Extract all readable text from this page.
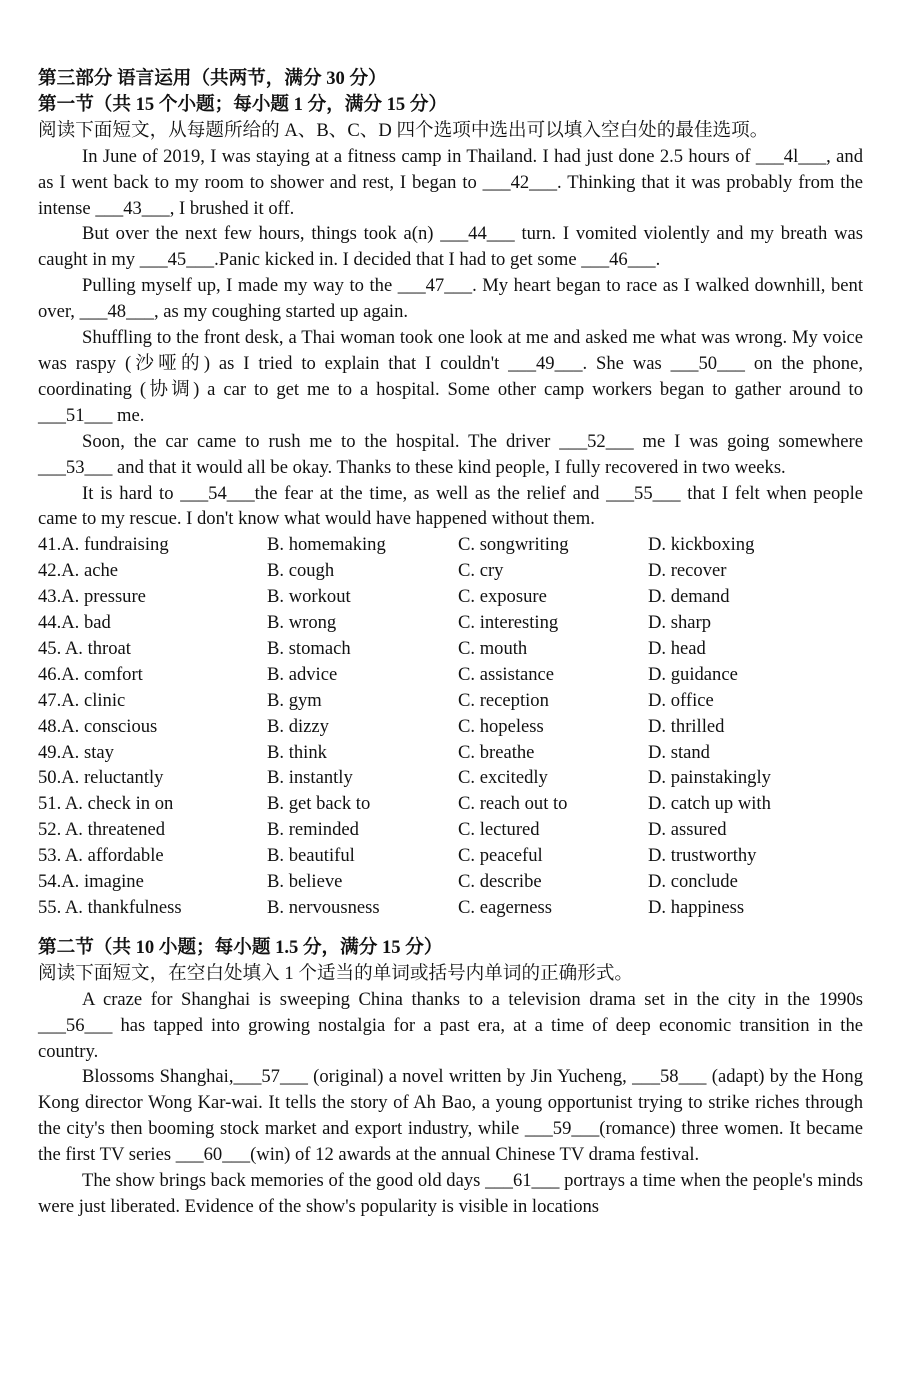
第三部分 语言运用（共两节，满分 30 分）
第一节（共 15 个小题；每小题 1 分，满分 15 分）
阅读下面短文，从每题所给的 A、B、C、D 四个选项中选出可以填入空白处的最佳选项。

In June of 2019, I was staying at a fitness camp in Thailand. I had just done 2.5 hours of ___4l___, and as I went back to my room to shower and rest, I began to ___42___. Thinking that it was probably from the intense ___43___, I brushed it off.

But over the next few hours, things took a(n) ___44___ turn. I vomited violently and my breath was caught in my ___45___.Panic kicked in. I decided that I had to get some ___46___.

Pulling myself up, I made my way to the ___47___. My heart began to race as I walked downhill, bent over, ___48___, as my coughing started up again.

Shuffling to the front desk, a Thai woman took one look at me and asked me what was wrong. My voice was raspy (沙哑的) as I tried to explain that I couldn't ___49___. She was ___50___ on the phone, coordinating (协调) a car to get me to a hospital. Some other camp workers began to gather around to ___51___ me.

Soon, the car came to rush me to the hospital. The driver ___52___ me I was going somewhere ___53___ and that it would all be okay. Thanks to these kind people, I fully recovered in two weeks.

It is hard to ___54___the fear at the time, as well as the relief and ___55___ that I felt when people came to my rescue. I don't know what would have happened without them.

41.A. fundraising	B. homemaking	C. songwriting	D. kickboxing
42.A. ache	B. cough	C. cry	D. recover
43.A. pressure	B. workout	C. exposure	D. demand
44.A. bad	B. wrong	C. interesting	D. sharp
45. A. throat	B. stomach	C. mouth	D. head
46.A. comfort	B. advice	C. assistance	D. guidance
47.A. clinic	B. gym	C. reception	D. office
48.A. conscious	B. dizzy	C. hopeless	D. thrilled
49.A. stay	B. think	C. breathe	D. stand
50.A. reluctantly	B. instantly	C. excitedly	D. painstakingly
51. A. check in on	B. get back to	C. reach out to	D. catch up with
52. A. threatened	B. reminded	C. lectured	D. assured
53. A. affordable	B. beautiful	C. peaceful	D. trustworthy
54.A. imagine	B. believe	C. describe	D. conclude
55. A. thankfulness	B. nervousness	C. eagerness	D. happiness
第二节（共 10 小题；每小题 1.5 分，满分 15 分）
阅读下面短文，在空白处填入 1 个适当的单词或括号内单词的正确形式。

A craze for Shanghai is sweeping China thanks to a television drama set in the city in the 1990s ___56___ has tapped into growing nostalgia for a past era, at a time of deep economic transition in the country.

Blossoms Shanghai,___57___ (original) a novel written by Jin Yucheng, ___58___ (adapt) by the Hong Kong director Wong Kar-wai. It tells the story of Ah Bao, a young opportunist trying to strike riches through the city's then booming stock market and export industry, while ___59___(romance) three women. It became the first TV series ___60___(win) of 12 awards at the annual Chinese TV drama festival.

The show brings back memories of the good old days ___61___ portrays a time when the people's minds were just liberated. Evidence of the show's popularity is visible in locations
